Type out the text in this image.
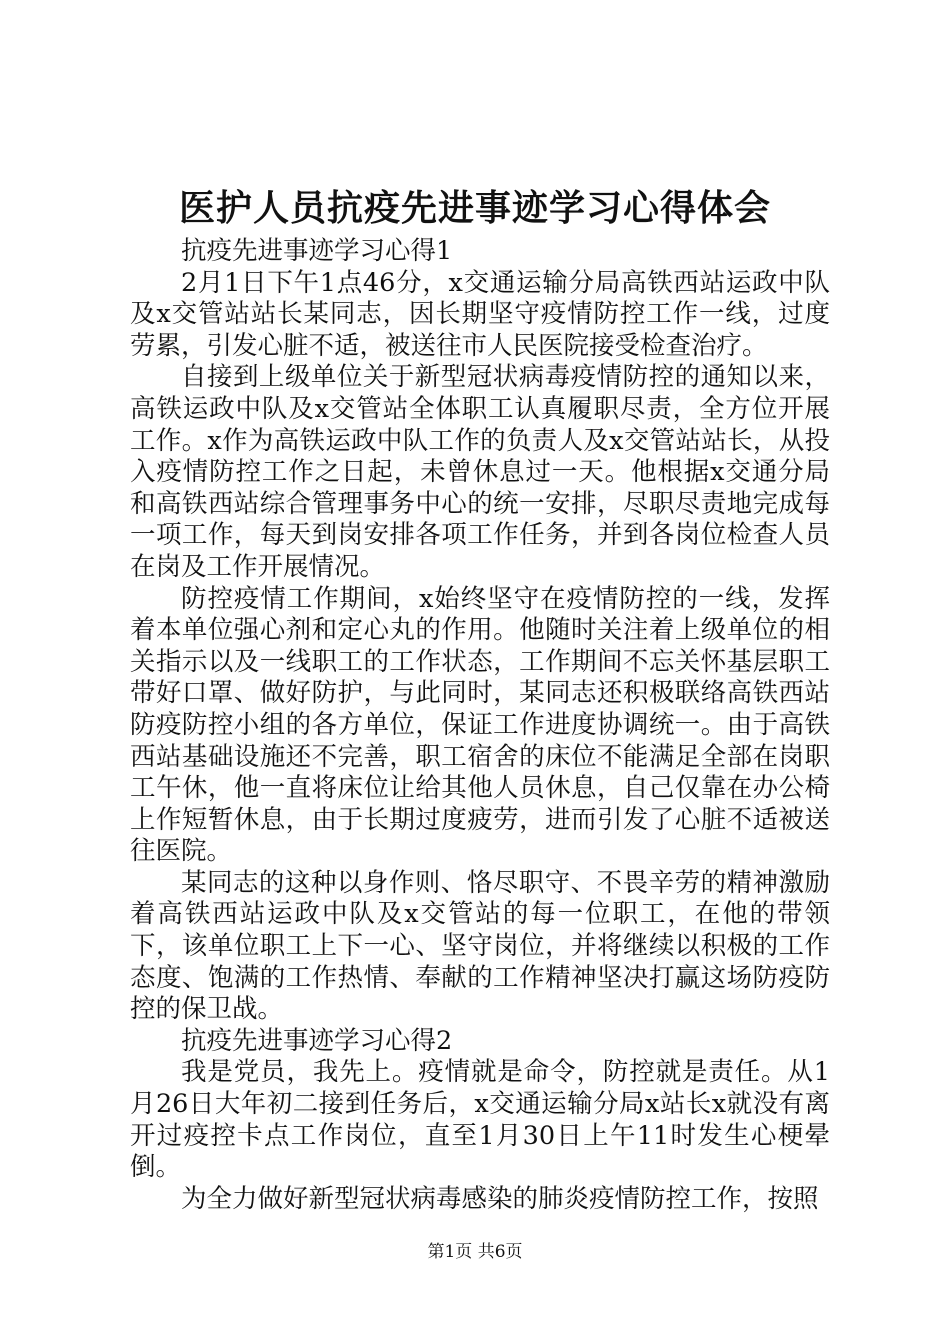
医护人员抗疫先进事迹学习心得体会

抗疫先进事迹学习心得1

2月1日下午1点46分，x交通运输分局高铁西站运政中队及x交管站站长某同志，因长期坚守疫情防控工作一线，过度劳累，引发心脏不适，被送往市人民医院接受检查治疗。

自接到上级单位关于新型冠状病毒疫情防控的通知以来，高铁运政中队及x交管站全体职工认真履职尽责，全方位开展工作。x作为高铁运政中队工作的负责人及x交管站站长，从投入疫情防控工作之日起，未曾休息过一天。他根据x交通分局和高铁西站综合管理事务中心的统一安排，尽职尽责地完成每一项工作，每天到岗安排各项工作任务，并到各岗位检查人员在岗及工作开展情况。

防控疫情工作期间，x始终坚守在疫情防控的一线，发挥着本单位强心剂和定心丸的作用。他随时关注着上级单位的相关指示以及一线职工的工作状态，工作期间不忘关怀基层职工带好口罩、做好防护，与此同时，某同志还积极联络高铁西站防疫防控小组的各方单位，保证工作进度协调统一。由于高铁西站基础设施还不完善，职工宿舍的床位不能满足全部在岗职工午休，他一直将床位让给其他人员休息，自己仅靠在办公椅上作短暂休息，由于长期过度疲劳，进而引发了心脏不适被送往医院。

某同志的这种以身作则、恪尽职守、不畏辛劳的精神激励着高铁西站运政中队及x交管站的每一位职工，在他的带领下，该单位职工上下一心、坚守岗位，并将继续以积极的工作态度、饱满的工作热情、奉献的工作精神坚决打赢这场防疫防控的保卫战。

抗疫先进事迹学习心得2

我是党员，我先上。疫情就是命令，防控就是责任。从1月26日大年初二接到任务后，x交通运输分局x站长x就没有离开过疫控卡点工作岗位，直至1月30日上午11时发生心梗晕倒。

为全力做好新型冠状病毒感染的肺炎疫情防控工作，按照

第1页 共6页
